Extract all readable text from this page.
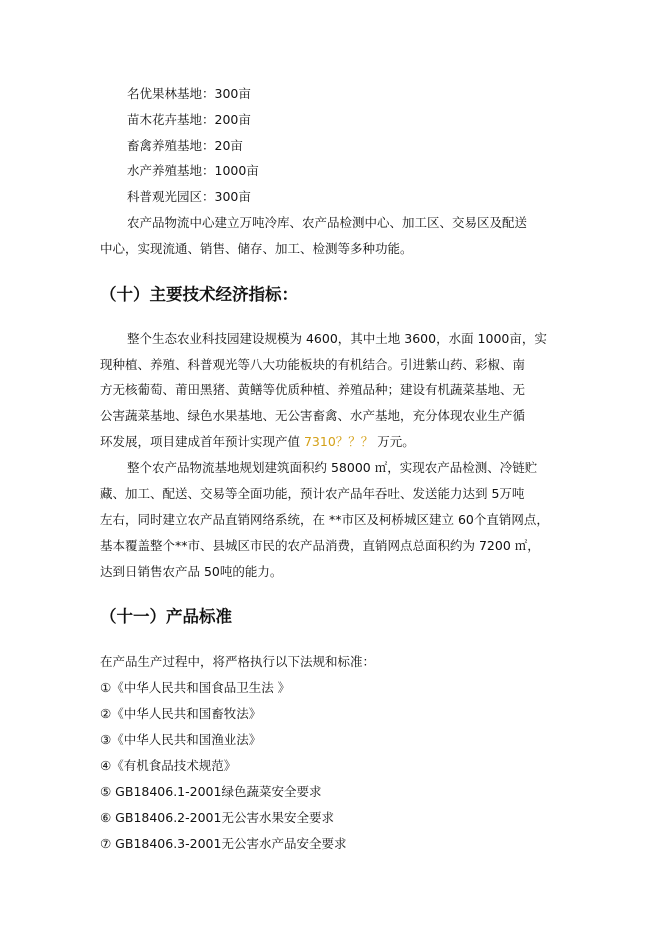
名优果林基地：300亩
苗木花卉基地：200亩
畜禽养殖基地：20亩
水产养殖基地：1000亩
科普观光园区：300亩
农产品物流中心建立万吨冷库、农产品检测中心、加工区、交易区及配送
中心，实现流通、销售、储存、加工、检测等多种功能。
（十）主要技术经济指标：
整个生态农业科技园建设规模为 4600，其中土地 3600，水面 1000亩，实
现种植、养殖、科普观光等八大功能板块的有机结合。引进紫山药、彩椒、南
方无核葡萄、莆田黑猪、黄鳝等优质种植、养殖品种；建设有机蔬菜基地、无
公害蔬菜基地、绿色水果基地、无公害畜禽、水产基地，充分体现农业生产循
环发展，项目建成首年预计实现产值 7310？？？ 万元。
整个农产品物流基地规划建筑面积约 58000 ㎡，实现农产品检测、冷链贮
藏、加工、配送、交易等全面功能，预计农产品年吞吐、发送能力达到 5万吨
左右，同时建立农产品直销网络系统，在 **市区及柯桥城区建立 60个直销网点，
基本覆盖整个**市、县城区市民的农产品消费，直销网点总面积约为 7200 ㎡，
达到日销售农产品 50吨的能力。
（十一）产品标准
在产品生产过程中，将严格执行以下法规和标准：
①《中华人民共和国食品卫生法 》
②《中华人民共和国畜牧法》
③《中华人民共和国渔业法》
④《有机食品技术规范》
⑤ GB18406.1-2001绿色蔬菜安全要求
⑥ GB18406.2-2001无公害水果安全要求
⑦ GB18406.3-2001无公害水产品安全要求
